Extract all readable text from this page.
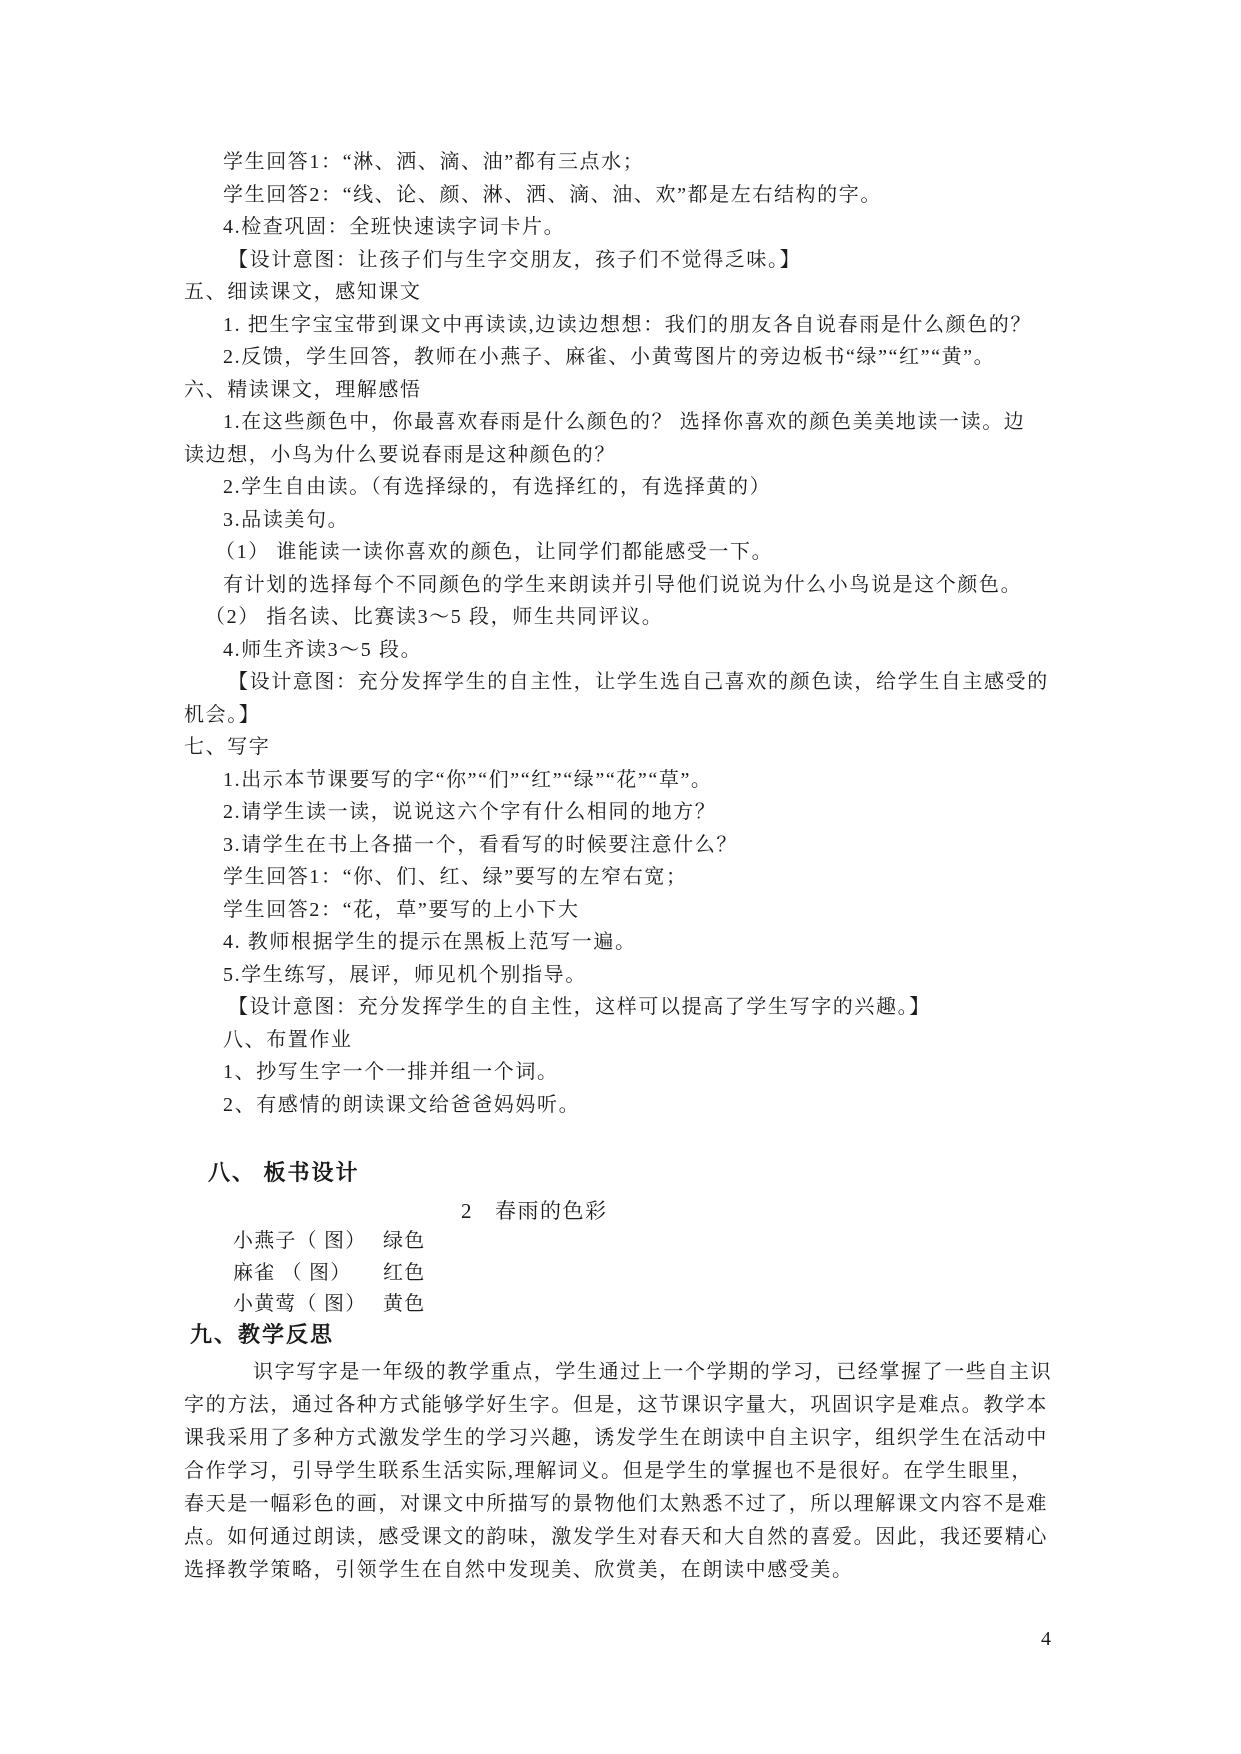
学生回答1：“淋、洒、滴、油”都有三点水；
学生回答2：“线、论、颜、淋、洒、滴、油、欢”都是左右结构的字。
4.检查巩固：全班快速读字词卡片。
【设计意图：让孩子们与生字交朋友，孩子们不觉得乏味。】
五、细读课文，感知课文
1. 把生字宝宝带到课文中再读读,边读边想想：我们的朋友各自说春雨是什么颜色的？
2.反馈，学生回答，教师在小燕子、麻雀、小黄莺图片的旁边板书“绿”“红”“黄”。
六、精读课文，理解感悟
1.在这些颜色中，你最喜欢春雨是什么颜色的？ 选择你喜欢的颜色美美地读一读。边
读边想，小鸟为什么要说春雨是这种颜色的？
2.学生自由读。（有选择绿的，有选择红的，有选择黄的）
3.品读美句。
（1） 谁能读一读你喜欢的颜色，让同学们都能感受一下。
有计划的选择每个不同颜色的学生来朗读并引导他们说说为什么小鸟说是这个颜色。
（2） 指名读、比赛读3～5 段，师生共同评议。
4.师生齐读3～5 段。
【设计意图：充分发挥学生的自主性，让学生选自己喜欢的颜色读，给学生自主感受的
机会。】
七、写字
1.出示本节课要写的字“你”“们”“红”“绿”“花”“草”。
2.请学生读一读，说说这六个字有什么相同的地方？
3.请学生在书上各描一个，看看写的时候要注意什么？
学生回答1：“你、们、红、绿”要写的左窄右宽；
学生回答2：“花，草”要写的上小下大
4. 教师根据学生的提示在黑板上范写一遍。
5.学生练写，展评，师见机个别指导。
【设计意图：充分发挥学生的自主性，这样可以提高了学生写字的兴趣。】
八、布置作业
1、抄写生字一个一排并组一个词。
2、有感情的朗读课文给爸爸妈妈听。
八、 板书设计
2 春雨的色彩
小燕子（ 图） 绿色
麻雀 （ 图） 红色
小黄莺（ 图） 黄色
九、教学反思
识字写字是一年级的教学重点，学生通过上一个学期的学习，已经掌握了一些自主识
字的方法，通过各种方式能够学好生字。但是，这节课识字量大，巩固识字是难点。教学本
课我采用了多种方式激发学生的学习兴趣，诱发学生在朗读中自主识字，组织学生在活动中
合作学习，引导学生联系生活实际,理解词义。但是学生的掌握也不是很好。在学生眼里，
春天是一幅彩色的画，对课文中所描写的景物他们太熟悉不过了，所以理解课文内容不是难
点。如何通过朗读，感受课文的韵味，激发学生对春天和大自然的喜爱。因此，我还要精心
选择教学策略，引领学生在自然中发现美、欣赏美，在朗读中感受美。
4
